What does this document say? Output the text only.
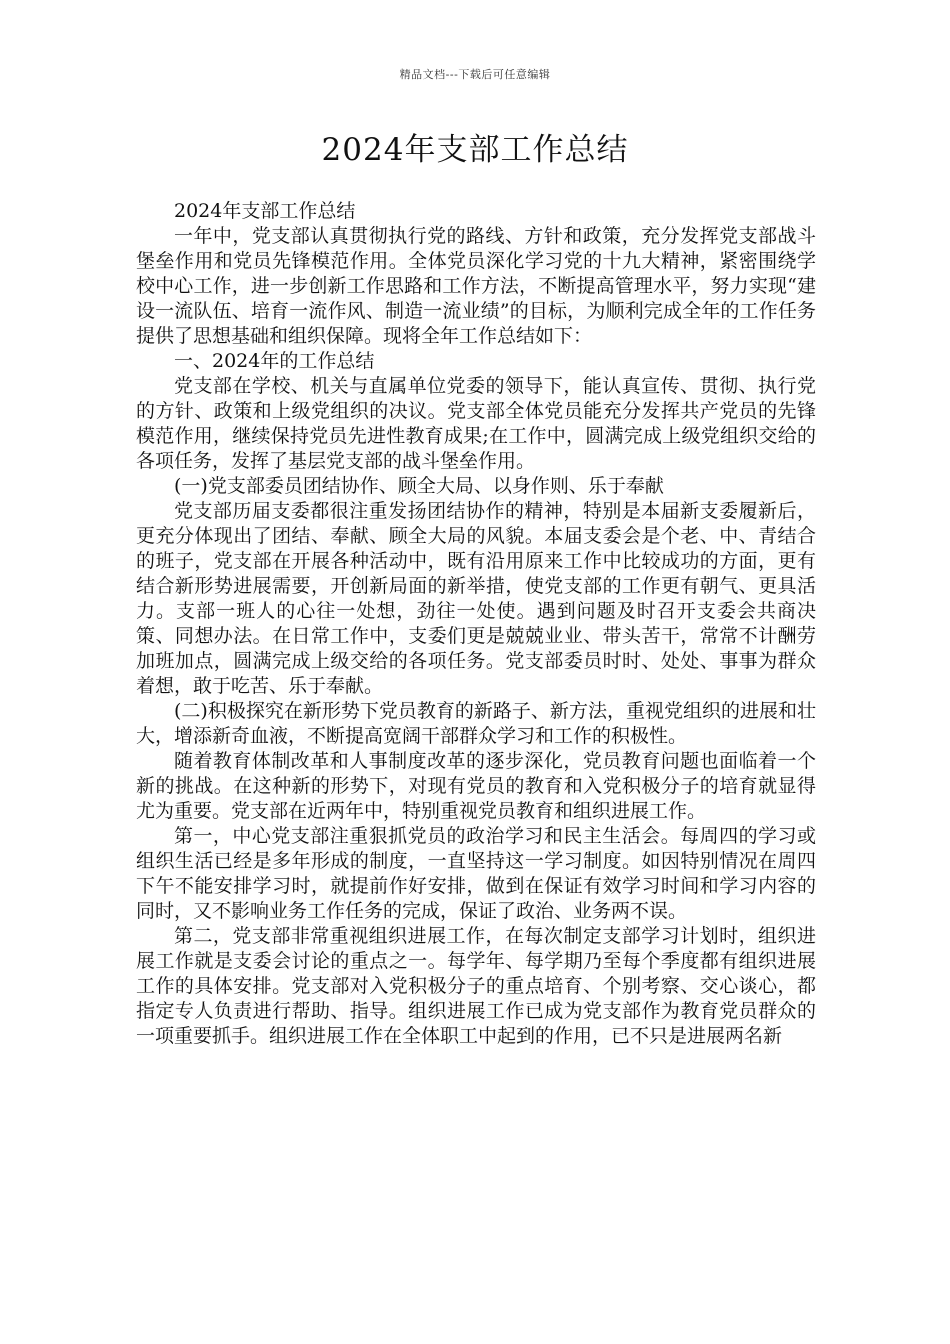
精品文档---下载后可任意编辑
2024年支部工作总结

2024年支部工作总结

一年中，党支部认真贯彻执行党的路线、方针和政策，充分发挥党支部战斗堡垒作用和党员先锋模范作用。全体党员深化学习党的十九大精神，紧密围绕学校中心工作，进一步创新工作思路和工作方法，不断提高管理水平，努力实现“建设一流队伍、培育一流作风、制造一流业绩”的目标，为顺利完成全年的工作任务提供了思想基础和组织保障。现将全年工作总结如下：

一、2024年的工作总结

党支部在学校、机关与直属单位党委的领导下，能认真宣传、贯彻、执行党的方针、政策和上级党组织的决议。党支部全体党员能充分发挥共产党员的先锋模范作用，继续保持党员先进性教育成果;在工作中，圆满完成上级党组织交给的各项任务，发挥了基层党支部的战斗堡垒作用。

(一)党支部委员团结协作、顾全大局、以身作则、乐于奉献

党支部历届支委都很注重发扬团结协作的精神，特别是本届新支委履新后，更充分体现出了团结、奉献、顾全大局的风貌。本届支委会是个老、中、青结合的班子，党支部在开展各种活动中，既有沿用原来工作中比较成功的方面，更有结合新形势进展需要，开创新局面的新举措，使党支部的工作更有朝气、更具活力。支部一班人的心往一处想，劲往一处使。遇到问题及时召开支委会共商决策、同想办法。在日常工作中，支委们更是兢兢业业、带头苦干，常常不计酬劳加班加点，圆满完成上级交给的各项任务。党支部委员时时、处处、事事为群众着想，敢于吃苦、乐于奉献。

(二)积极探究在新形势下党员教育的新路子、新方法，重视党组织的进展和壮大，增添新奇血液，不断提高宽阔干部群众学习和工作的积极性。

随着教育体制改革和人事制度改革的逐步深化，党员教育问题也面临着一个新的挑战。在这种新的形势下，对现有党员的教育和入党积极分子的培育就显得尤为重要。党支部在近两年中，特别重视党员教育和组织进展工作。

第一，中心党支部注重狠抓党员的政治学习和民主生活会。每周四的学习或组织生活已经是多年形成的制度，一直坚持这一学习制度。如因特别情况在周四下午不能安排学习时，就提前作好安排，做到在保证有效学习时间和学习内容的同时，又不影响业务工作任务的完成，保证了政治、业务两不误。

第二，党支部非常重视组织进展工作，在每次制定支部学习计划时，组织进展工作就是支委会讨论的重点之一。每学年、每学期乃至每个季度都有组织进展工作的具体安排。党支部对入党积极分子的重点培育、个别考察、交心谈心，都指定专人负责进行帮助、指导。组织进展工作已成为党支部作为教育党员群众的一项重要抓手。组织进展工作在全体职工中起到的作用，已不只是进展两名新
